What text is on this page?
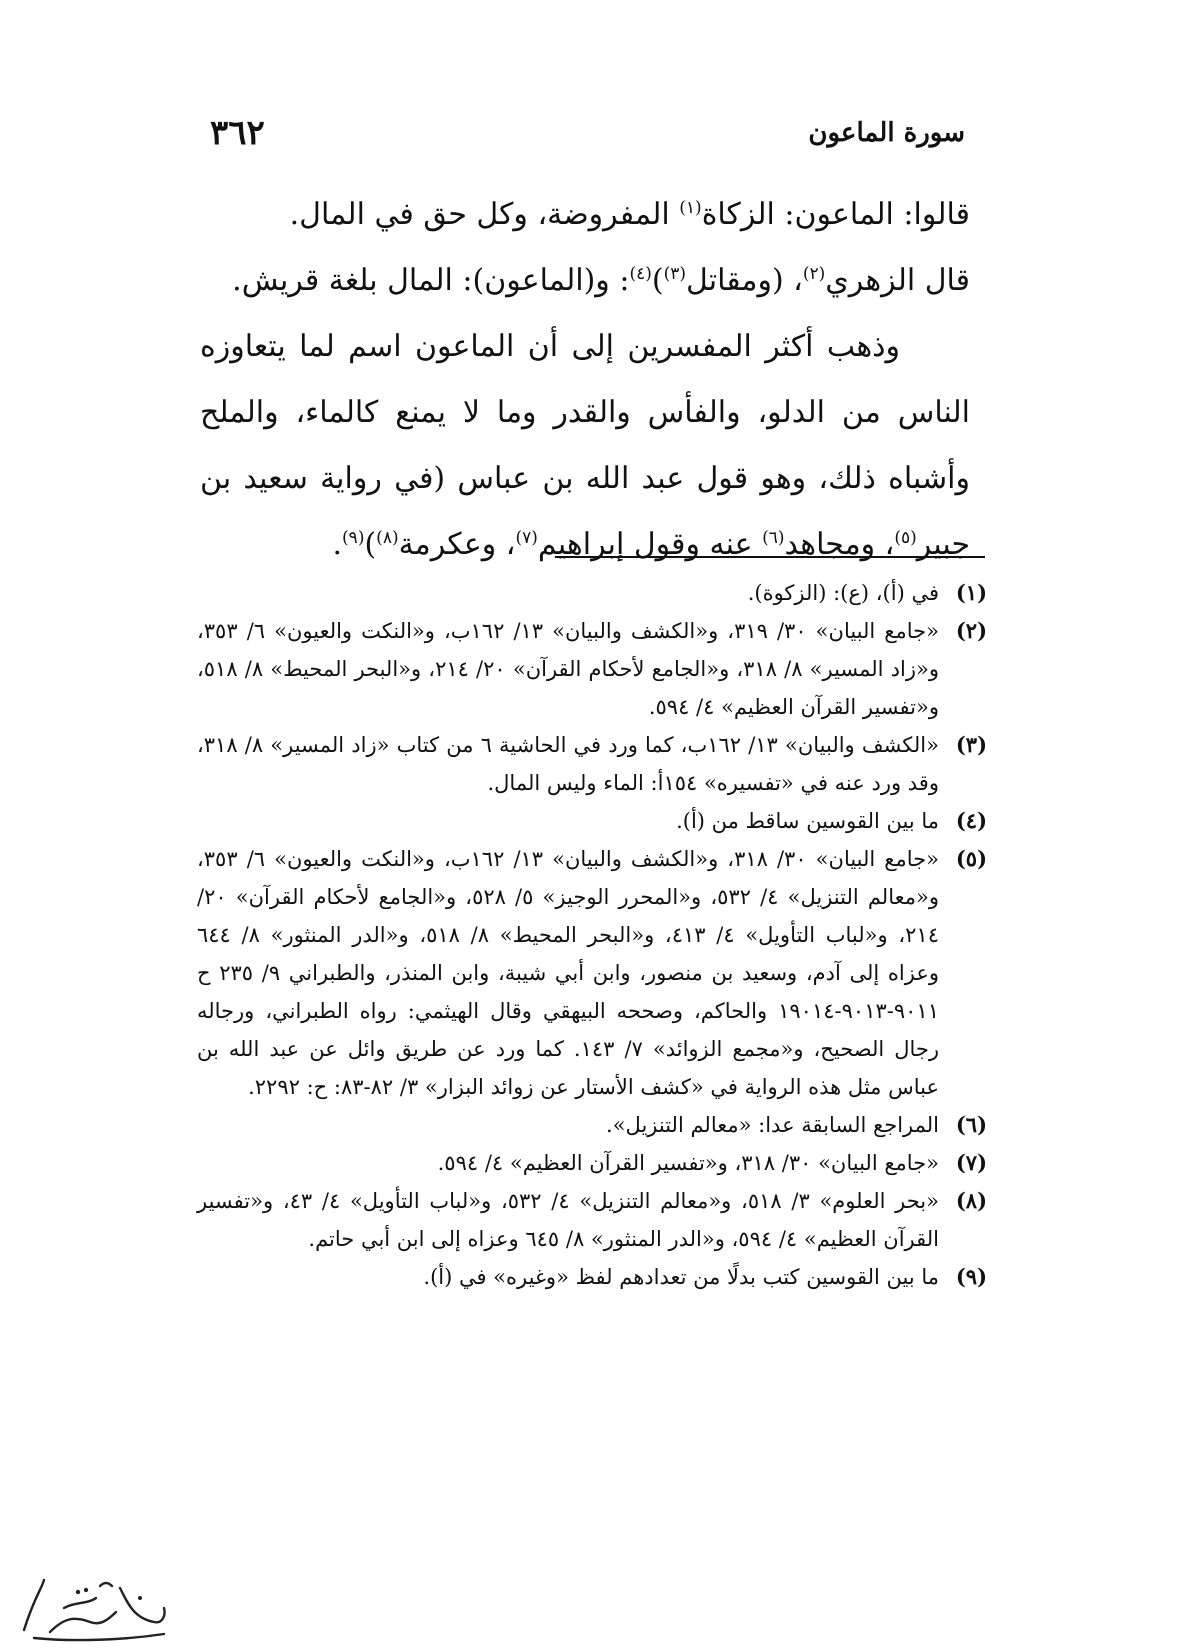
سورة الماعون
٣٦٢

قالوا: الماعون: الزكاة$^{(١)}$ المفروضة، وكل حق في المال.

قال الزهري$^{(٢)}$، (ومقاتل$^{(٣)}$)$^{(٤)}$: و(الماعون): المال بلغة قريش.

وذهب أكثر المفسرين إلى أن الماعون اسم لما يتعاوزه الناس من الدلو، والفأس والقدر وما لا يمنع كالماء، والملح وأشباه ذلك، وهو قول عبد الله بن عباس (في رواية سعيد بن جبير$^{(٥)}$، ومجاهد$^{(٦)}$ عنه وقول إبراهيم$^{(٧)}$، وعكرمة$^{(٨)}$)$^{(٩)}$.

(١)
في (أ)، (ع): (الزكوة).
(٢)
«جامع البيان» ٣٠/ ٣١٩، و«الكشف والبيان» ١٣/ ١٦٢ب، و«النكت والعيون» ٦/ ٣٥٣، و«زاد المسير» ٨/ ٣١٨، و«الجامع لأحكام القرآن» ٢٠/ ٢١٤، و«البحر المحيط» ٨/ ٥١٨، و«تفسير القرآن العظيم» ٤/ ٥٩٤.
(٣)
«الكشف والبيان» ١٣/ ١٦٢ب، كما ورد في الحاشية ٦ من كتاب «زاد المسير» ٨/ ٣١٨، وقد ورد عنه في «تفسيره» ١٥٤أ: الماء وليس المال.
(٤)
ما بين القوسين ساقط من (أ).
(٥)
«جامع البيان» ٣٠/ ٣١٨، و«الكشف والبيان» ١٣/ ١٦٢ب، و«النكت والعيون» ٦/ ٣٥٣، و«معالم التنزيل» ٤/ ٥٣٢، و«المحرر الوجيز» ٥/ ٥٢٨، و«الجامع لأحكام القرآن» ٢٠/ ٢١٤، و«لباب التأويل» ٤/ ٤١٣، و«البحر المحيط» ٨/ ٥١٨، و«الدر المنثور» ٨/ ٦٤٤ وعزاه إلى آدم، وسعيد بن منصور، وابن أبي شيبة، وابن المنذر، والطبراني ٩/ ٢٣٥ ح ٩٠١١-٩٠١٣-١٩٠١٤ والحاكم، وصححه البيهقي وقال الهيثمي: رواه الطبراني، ورجاله رجال الصحيح، و«مجمع الزوائد» ٧/ ١٤٣. كما ورد عن طريق وائل عن عبد الله بن عباس مثل هذه الرواية في «كشف الأستار عن زوائد البزار» ٣/ ٨٢-٨٣: ح: ٢٢٩٢.
(٦)
المراجع السابقة عدا: «معالم التنزيل».
(٧)
«جامع البيان» ٣٠/ ٣١٨، و«تفسير القرآن العظيم» ٤/ ٥٩٤.
(٨)
«بحر العلوم» ٣/ ٥١٨، و«معالم التنزيل» ٤/ ٥٣٢، و«لباب التأويل» ٤/ ٤٣، و«تفسير القرآن العظيم» ٤/ ٥٩٤، و«الدر المنثور» ٨/ ٦٤٥ وعزاه إلى ابن أبي حاتم.
(٩)
ما بين القوسين كتب بدلًا من تعدادهم لفظ «وغيره» في (أ).
